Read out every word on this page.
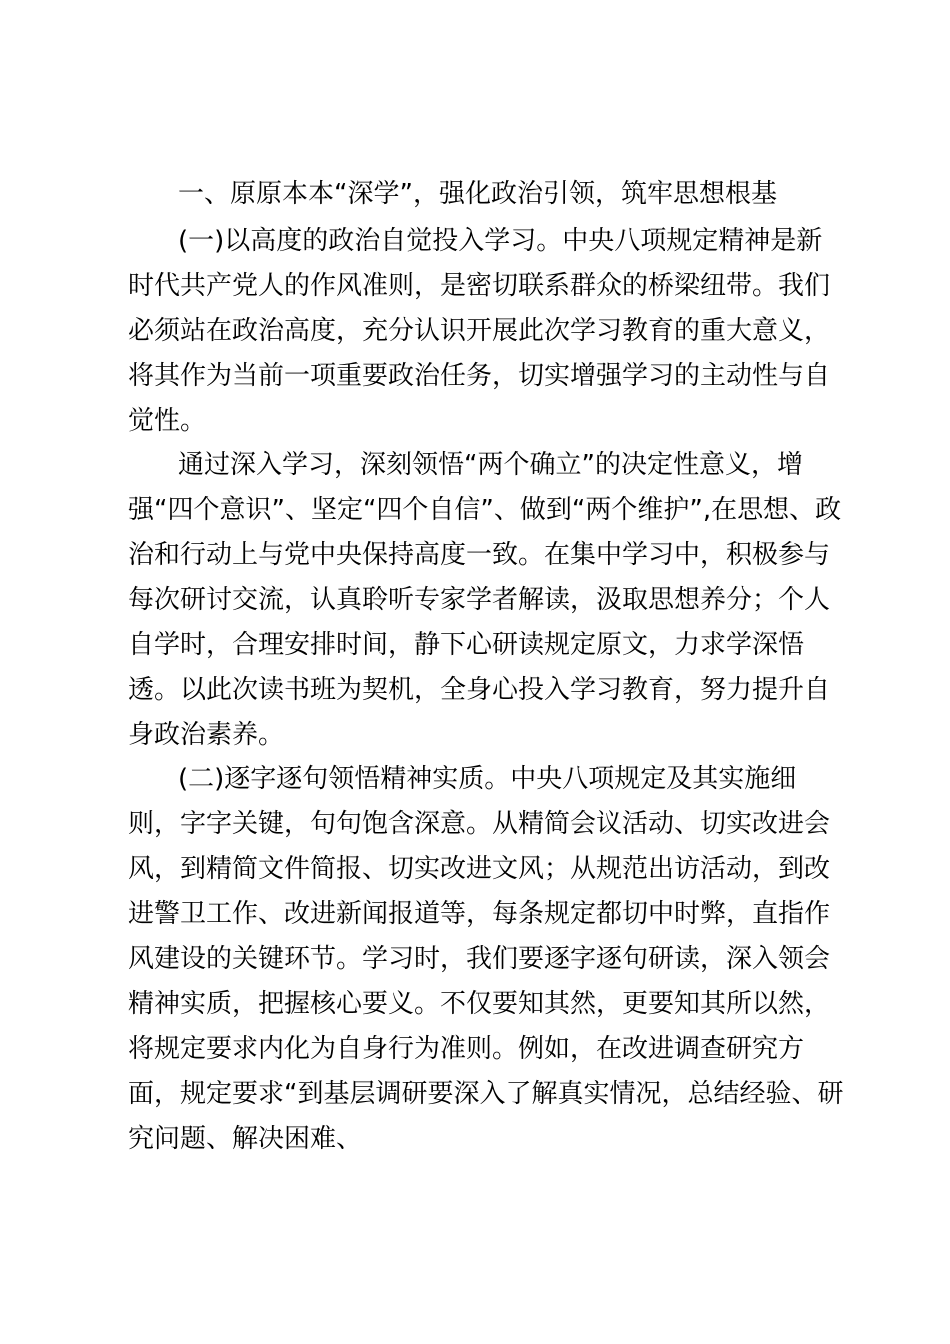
一、原原本本“深学”，强化政治引领，筑牢思想根基
(一)以高度的政治自觉投入学习。中央八项规定精神是新
时代共产党人的作风准则，是密切联系群众的桥梁纽带。我们
必须站在政治高度，充分认识开展此次学习教育的重大意义，
将其作为当前一项重要政治任务，切实增强学习的主动性与自
觉性。
通过深入学习，深刻领悟“两个确立”的决定性意义，增
强“四个意识”、坚定“四个自信”、做到“两个维护”,在思想、政
治和行动上与党中央保持高度一致。在集中学习中，积极参与
每次研讨交流，认真聆听专家学者解读，汲取思想养分；个人
自学时，合理安排时间，静下心研读规定原文，力求学深悟
透。以此次读书班为契机，全身心投入学习教育，努力提升自
身政治素养。
(二)逐字逐句领悟精神实质。中央八项规定及其实施细
则，字字关键，句句饱含深意。从精简会议活动、切实改进会
风，到精简文件简报、切实改进文风；从规范出访活动，到改
进警卫工作、改进新闻报道等，每条规定都切中时弊，直指作
风建设的关键环节。学习时，我们要逐字逐句研读，深入领会
精神实质，把握核心要义。不仅要知其然，更要知其所以然，
将规定要求内化为自身行为准则。例如，在改进调查研究方
面，规定要求“到基层调研要深入了解真实情况，总结经验、研
究问题、解决困难、
